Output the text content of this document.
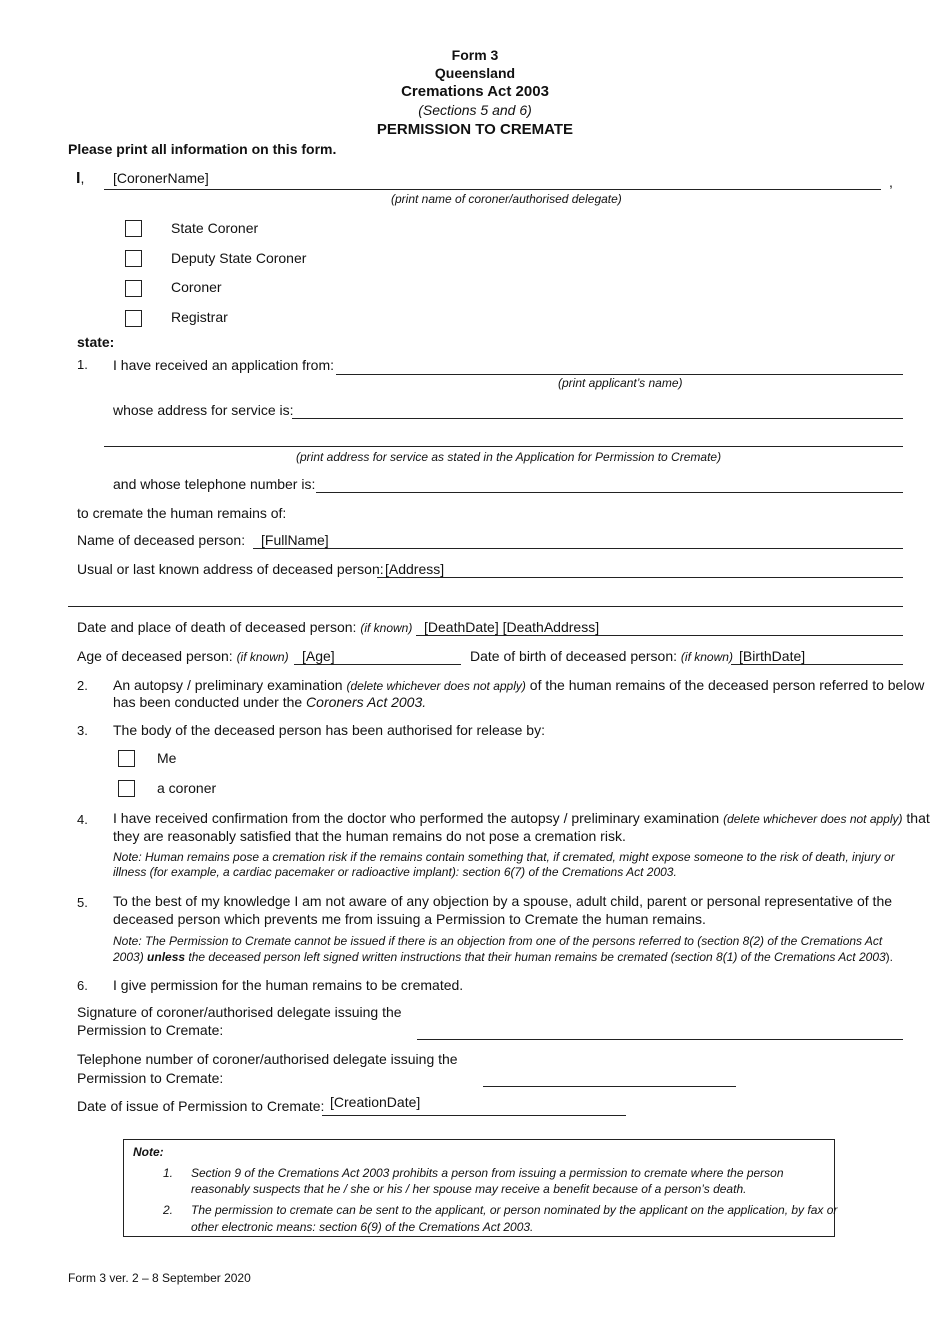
Form 3
Queensland
Cremations Act 2003
(Sections 5 and 6)
PERMISSION TO CREMATE
Please print all information on this form.
I, [CoronerName]	,
(print name of coroner/authorised delegate)
State Coroner
Deputy State Coroner
Coroner
Registrar
state:
1. I have received an application from:
(print applicant’s name)
whose address for service is:
(print address for service as stated in the Application for Permission to Cremate)
and whose telephone number is:
to cremate the human remains of:
Name of deceased person: [FullName]
Usual or last known address of deceased person: [Address]
Date and place of death of deceased person: (if known) [DeathDate] [DeathAddress]
Age of deceased person: (if known) [Age]	Date of birth of deceased person: (if known) [BirthDate]
2. An autopsy / preliminary examination (delete whichever does not apply) of the human remains of the deceased person referred to below
has been conducted under the Coroners Act 2003.
3. The body of the deceased person has been authorised for release by:
Me
a coroner
4. I have received confirmation from the doctor who performed the autopsy / preliminary examination (delete whichever does not apply) that
they are reasonably satisfied that the human remains do not pose a cremation risk.
Note: Human remains pose a cremation risk if the remains contain something that, if cremated, might expose someone to the risk of death, injury or
illness (for example, a cardiac pacemaker or radioactive implant): section 6(7) of the Cremations Act 2003.
5. To the best of my knowledge I am not aware of any objection by a spouse, adult child, parent or personal representative of the
deceased person which prevents me from issuing a Permission to Cremate the human remains.
Note: The Permission to Cremate cannot be issued if there is an objection from one of the persons referred to (section 8(2) of the Cremations Act
2003) unless the deceased person left signed written instructions that their human remains be cremated (section 8(1) of the Cremations Act 2003).
6. I give permission for the human remains to be cremated.
Signature of coroner/authorised delegate issuing the
Permission to Cremate:
Telephone number of coroner/authorised delegate issuing the
Permission to Cremate:
Date of issue of Permission to Cremate: [CreationDate]
Note:
1. Section 9 of the Cremations Act 2003 prohibits a person from issuing a permission to cremate where the person
reasonably suspects that he / she or his / her spouse may receive a benefit because of a person’s death.
2. The permission to cremate can be sent to the applicant, or person nominated by the applicant on the application, by fax or
other electronic means: section 6(9) of the Cremations Act 2003.
Form 3 ver. 2 – 8 September 2020
